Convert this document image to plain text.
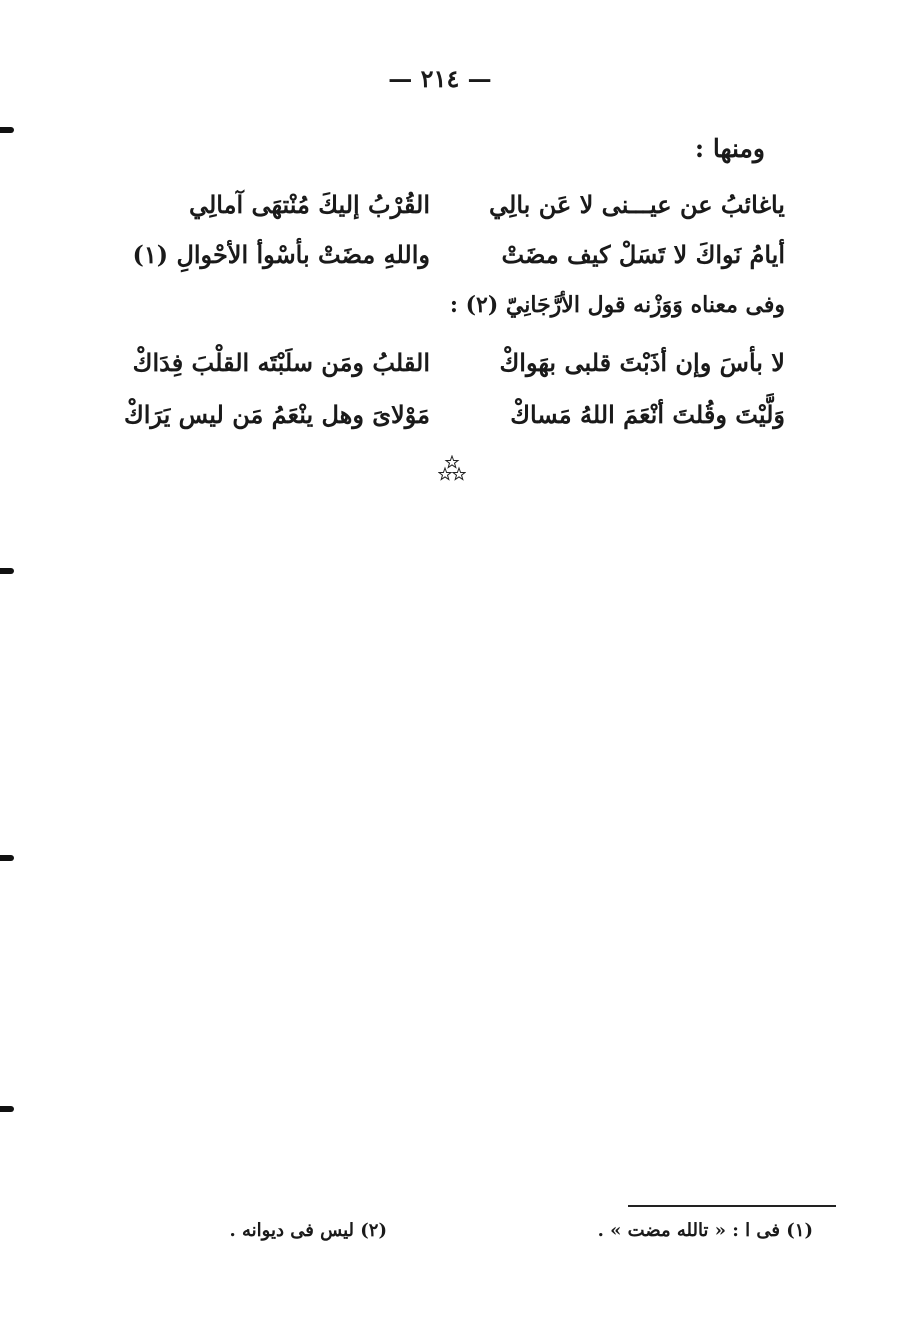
— ٢١٤ —
ومنها :
ياغائبُ عن عيـــنى لا عَن بالِي
القُرْبُ إليكَ مُنْتهَى آمالِي
أيامُ نَواكَ لا تَسَلْ كيف مضَتْ
واللهِ مضَتْ بأسْوأ الأحْوالِ (١)
وفى معناه وَوَزْنه قول الأرَّجَانِيّ (٢) :
لا بأسَ وإن أذَبْتَ قلبى بهَواكْ
القلبُ ومَن سلَبْتَه القلْبَ فِدَاكْ
وَلَّيْتَ وقُلتَ أنْعَمَ اللهُ مَساكْ
مَوْلاىَ وهل ينْعَمُ مَن ليس يَرَاكْ
(١) فى ا : « تالله مضت » .
(٢) ليس فى ديوانه .
